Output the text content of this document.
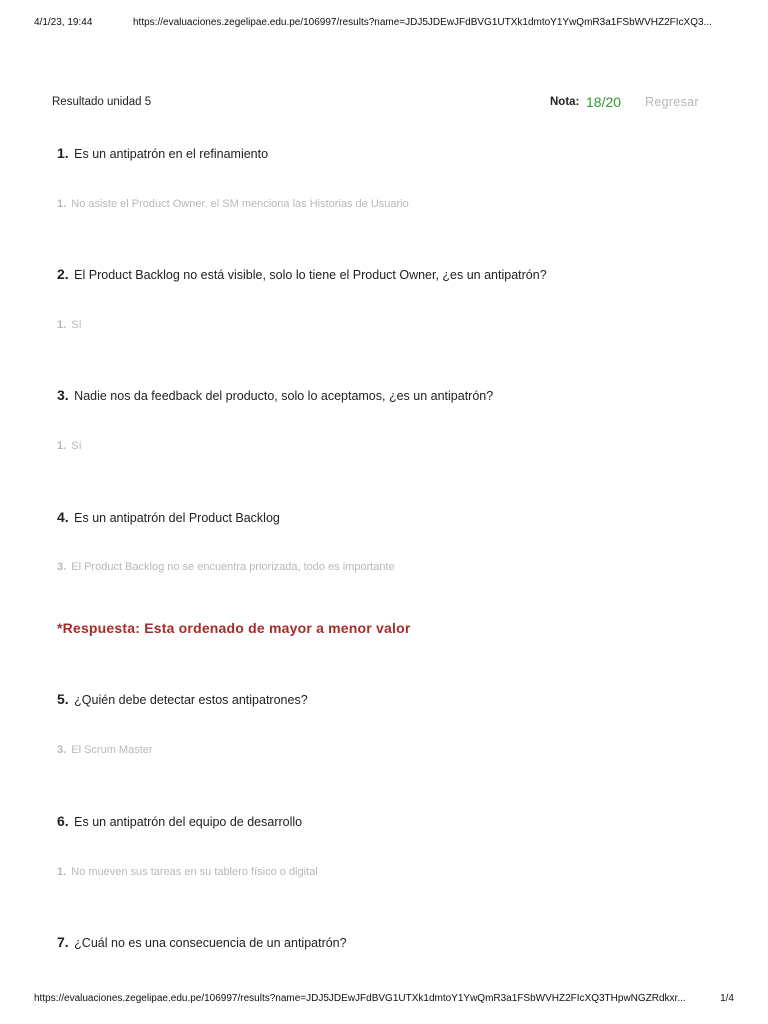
4/1/23, 19:44	https://evaluaciones.zegelipae.edu.pe/106997/results?name=JDJ5JDEwJFdBVG1UTXk1dmtoY1YwQmR3a1FSbWVHZ2FIcXQ3...
Resultado unidad 5	Nota: 18/20 Regresar
1. Es un antipatrón en el refinamiento
1. No asiste el Product Owner, el SM menciona las Historias de Usuario
2. El Product Backlog no está visible, solo lo tiene el Product Owner, ¿es un antipatrón?
1. Sí
3. Nadie nos da feedback del producto, solo lo aceptamos, ¿es un antipatrón?
1. Sí
4. Es un antipatrón del Product Backlog
3. El Product Backlog no se encuentra priorizada, todo es importante
*Respuesta: Esta ordenado de mayor a menor valor
5. ¿Quién debe detectar estos antipatrones?
3. El Scrum Master
6. Es un antipatrón del equipo de desarrollo
1. No mueven sus tareas en su tablero físico o digital
7. ¿Cuál no es una consecuencia de un antipatrón?
https://evaluaciones.zegelipae.edu.pe/106997/results?name=JDJ5JDEwJFdBVG1UTXk1dmtoY1YwQmR3a1FSbWVHZ2FIcXQ3THpwNGZRdkxr...	1/4
